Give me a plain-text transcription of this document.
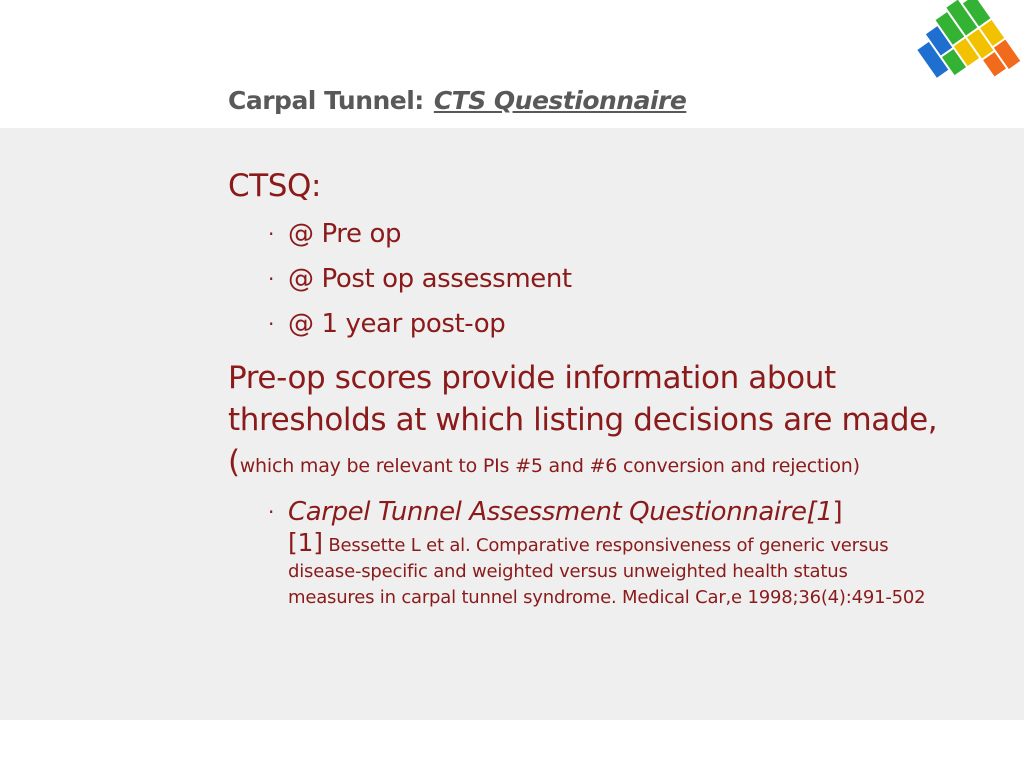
Carpal Tunnel: CTS Questionnaire

CTSQ:

· @ Pre op
· @ Post op assessment
· @ 1 year post-op

Pre-op scores provide information about thresholds at which listing decisions are made, (which may be relevant to PIs #5 and #6 conversion and rejection)

· Carpel Tunnel Assessment Questionnaire[1]
[1] Bessette L et al. Comparative responsiveness of generic versus
disease-specific and weighted versus unweighted health status
measures in carpal tunnel syndrome. Medical Car,e 1998;36(4):491-502
